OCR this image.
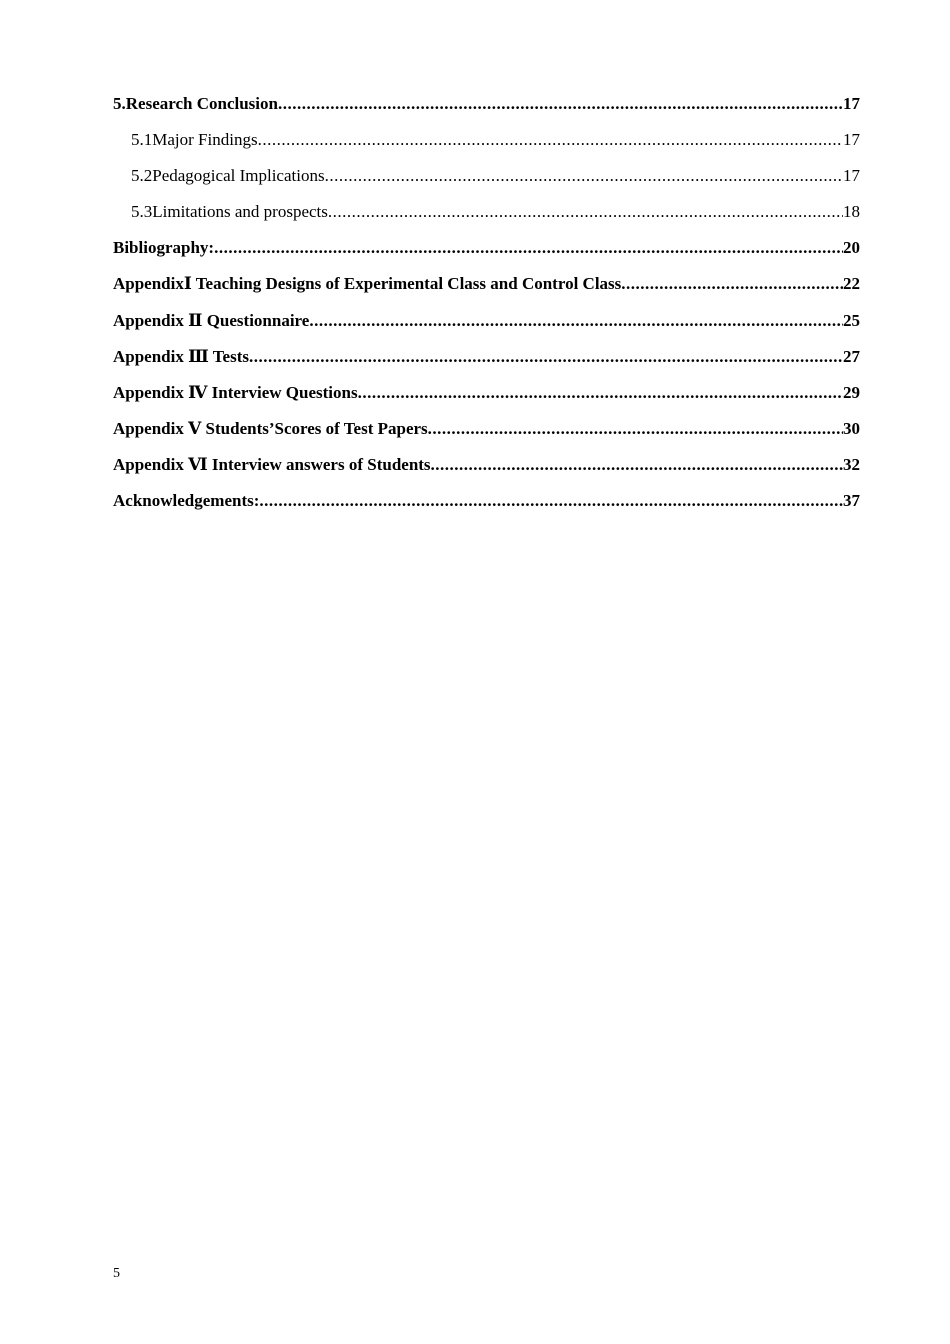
5.Research Conclusion .....	17
5.1Major Findings .....	17
5.2Pedagogical Implications .....	17
5.3Limitations and prospects .....	18
Bibliography: .....	20
AppendixⅠ Teaching Designs of Experimental Class and Control Class .....	22
Appendix Ⅱ Questionnaire .....	25
Appendix Ⅲ Tests .....	27
Appendix Ⅳ Interview Questions .....	29
Appendix Ⅴ Students’Scores of Test Papers .....	30
Appendix Ⅵ Interview answers of Students .....	32
Acknowledgements: .....	37
5
